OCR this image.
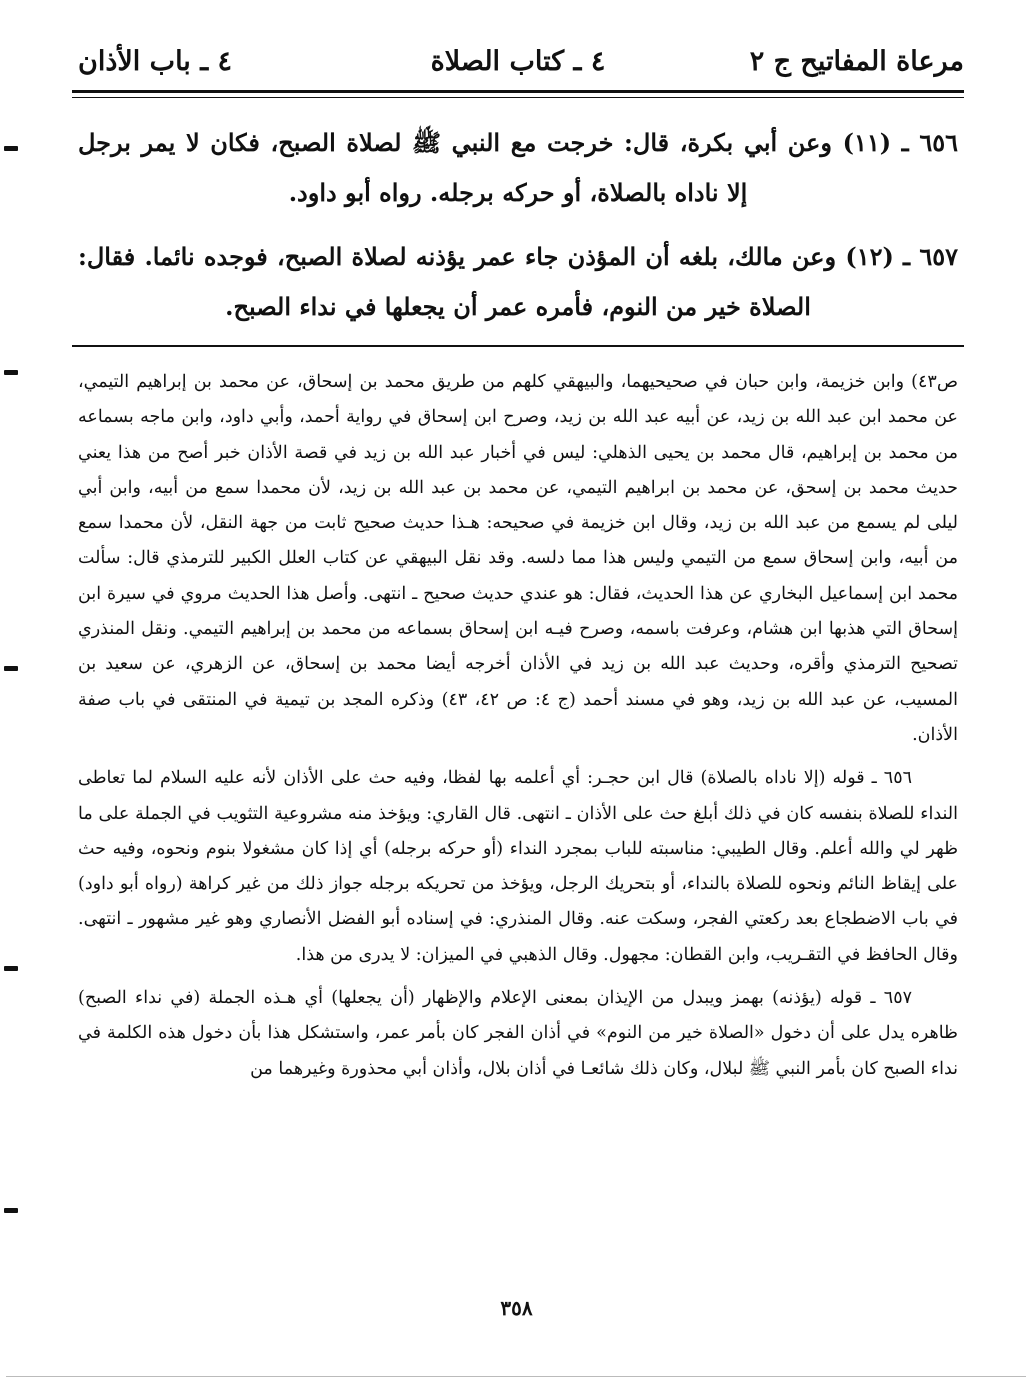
مرعاة المفاتيح ج ٢
٤ ـ كتاب الصلاة
٤ ـ باب الأذان
٦٥٦ ـ (١١) وعن أبي بكرة، قال: خرجت مع النبي ﷺ لصلاة الصبح، فكان لا يمر برجل
إلا ناداه بالصلاة، أو حركه برجله. رواه أبو داود.
٦٥٧ ـ (١٢) وعن مالك، بلغه أن المؤذن جاء عمر يؤذنه لصلاة الصبح، فوجده نائما. فقال:
الصلاة خير من النوم، فأمره عمر أن يجعلها في نداء الصبح.

ص٤٣) وابن خزيمة، وابن حبان في صحيحيهما، والبيهقي كلهم من طريق محمد بن إسحاق، عن محمد بن إبراهيم التيمي، عن محمد ابن عبد الله بن زيد، عن أبيه عبد الله بن زيد، وصرح ابن إسحاق في رواية أحمد، وأبي داود، وابن ماجه بسماعه من محمد بن إبراهيم، قال محمد بن يحيى الذهلي: ليس في أخبار عبد الله بن زيد في قصة الأذان خبر أصح من هذا يعني حديث محمد بن إسحق، عن محمد بن ابراهيم التيمي، عن محمد بن عبد الله بن زيد، لأن محمدا سمع من أبيه، وابن أبي ليلى لم يسمع من عبد الله بن زيد، وقال ابن خزيمة في صحيحه: هـذا حديث صحيح ثابت من جهة النقل، لأن محمدا سمع من أبيه، وابن إسحاق سمع من التيمي وليس هذا مما دلسه. وقد نقل البيهقي عن كتاب العلل الكبير للترمذي قال: سألت محمد ابن إسماعيل البخاري عن هذا الحديث، فقال: هو عندي حديث صحيح ـ انتهى. وأصل هذا الحديث مروي في سيرة ابن إسحاق التي هذبها ابن هشام، وعرفت باسمه، وصرح فيـه ابن إسحاق بسماعه من محمد بن إبراهيم التيمي. ونقل المنذري تصحيح الترمذي وأقره، وحديث عبد الله بن زيد في الأذان أخرجه أيضا محمد بن إسحاق، عن الزهري، عن سعيد بن المسيب، عن عبد الله بن زيد، وهو في مسند أحمد (ج ٤: ص ٤٢، ٤٣) وذكره المجد بن تيمية في المنتقى في باب صفة الأذان.

٦٥٦ ـ قوله (إلا ناداه بالصلاة) قال ابن حجـر: أي أعلمه بها لفظا، وفيه حث على الأذان لأنه عليه السلام لما تعاطى النداء للصلاة بنفسه كان في ذلك أبلغ حث على الأذان ـ انتهى. قال القاري: ويؤخذ منه مشروعية التثويب في الجملة على ما ظهر لي والله أعلم. وقال الطيبي: مناسبته للباب بمجرد النداء (أو حركه برجله) أي إذا كان مشغولا بنوم ونحوه، وفيه حث على إيقاظ النائم ونحوه للصلاة بالنداء، أو بتحريك الرجل، ويؤخذ من تحريكه برجله جواز ذلك من غير كراهة (رواه أبو داود) في باب الاضطجاع بعد ركعتي الفجر، وسكت عنه. وقال المنذري: في إسناده أبو الفضل الأنصاري وهو غير مشهور ـ انتهى. وقال الحافظ في التقـريب، وابن القطان: مجهول. وقال الذهبي في الميزان: لا يدرى من هذا.

٦٥٧ ـ قوله (يؤذنه) بهمز ويبدل من الإيذان بمعنى الإعلام والإظهار (أن يجعلها) أي هـذه الجملة (في نداء الصبح) ظاهره يدل على أن دخول «الصلاة خير من النوم» في أذان الفجر كان بأمر عمر، واستشكل هذا بأن دخول هذه الكلمة في نداء الصبح كان بأمر النبي ﷺ لبلال، وكان ذلك شائعـا في أذان بلال، وأذان أبي محذورة وغيرهما من

٣٥٨
